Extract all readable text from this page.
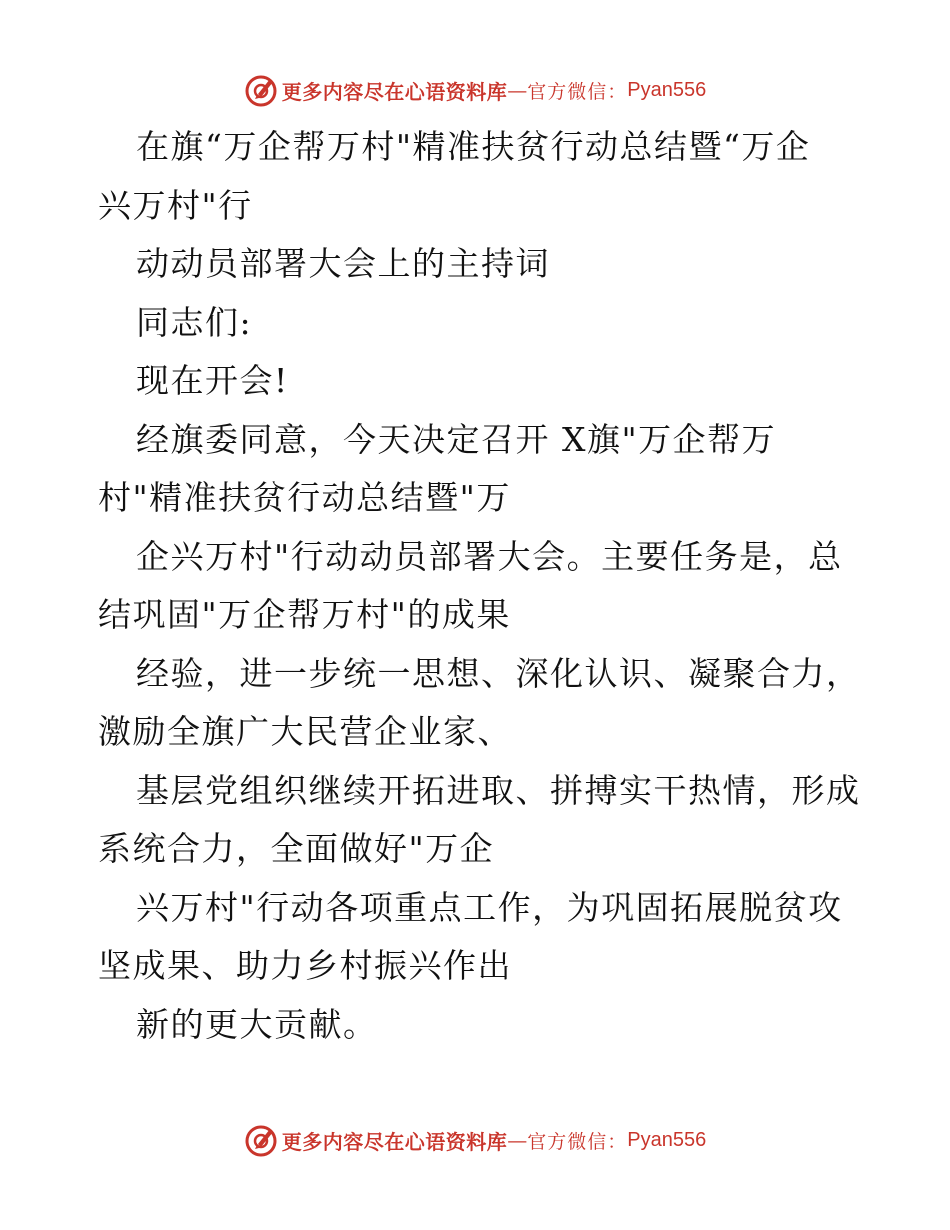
更多内容尽在心语资料库 — 官方微信： Pyan556
在旗“万企帮万村"精准扶贫行动总结暨“万企
兴万村"行
动动员部署大会上的主持词
同志们:
现在开会!
经旗委同意，今天决定召开 X旗"万企帮万
村"精准扶贫行动总结暨"万
企兴万村"行动动员部署大会。主要任务是，总
结巩固"万企帮万村"的成果
经验，进一步统一思想、深化认识、凝聚合力，
激励全旗广大民营企业家、
基层党组织继续开拓进取、拼搏实干热情，形成
系统合力，全面做好"万企
兴万村"行动各项重点工作，为巩固拓展脱贫攻
坚成果、助力乡村振兴作出
新的更大贡献。
更多内容尽在心语资料库 — 官方微信： Pyan556
